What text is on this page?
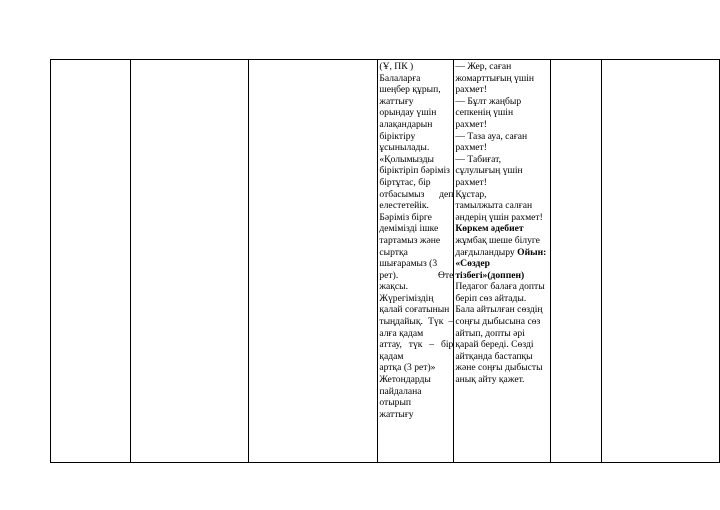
(Ұ, ПК )
Балаларға
шеңбер құрып,
жаттығу
орындау үшін
алақандарын
біріктіру
ұсынылады.
«Қолымызды
біріктіріп бәріміз
біртұтас, бір
отбасымыз деп
елестетейік.
Бәріміз бірге
демімізді ішке
тартамыз және
сыртқа
шығарамыз (3
рет). Өте
жақсы.
Жүрегіміздің
қалай соғатынын
тыңдайық. Түк –
алға қадам
аттау, түк – бір
қадам
артқа (3 рет)»
Жетондарды
пайдалана
отырып
жаттығу

— Жер, саған
жомарттығың үшін
рахмет!
— Бұлт жаңбыр
сепкенің үшін
рахмет!
— Таза ауа, саған
рахмет!
— Табиғат,
сұлулығың үшін
рахмет!
Құстар,
тамылжыта салған
әндерің үшін рахмет!
Көркем әдебиет
жұмбақ шеше білуге
дағдыландыру Ойын:
«Сөздер
тізбегі»(доппен)
Педагог балаға допты
беріп сөз айтады.
Бала айтылған сөздің
соңғы дыбысына сөз
айтып, допты әрі
қарай береді. Сөзді
айтқанда бастапқы
және соңғы дыбысты
анық айту қажет.
